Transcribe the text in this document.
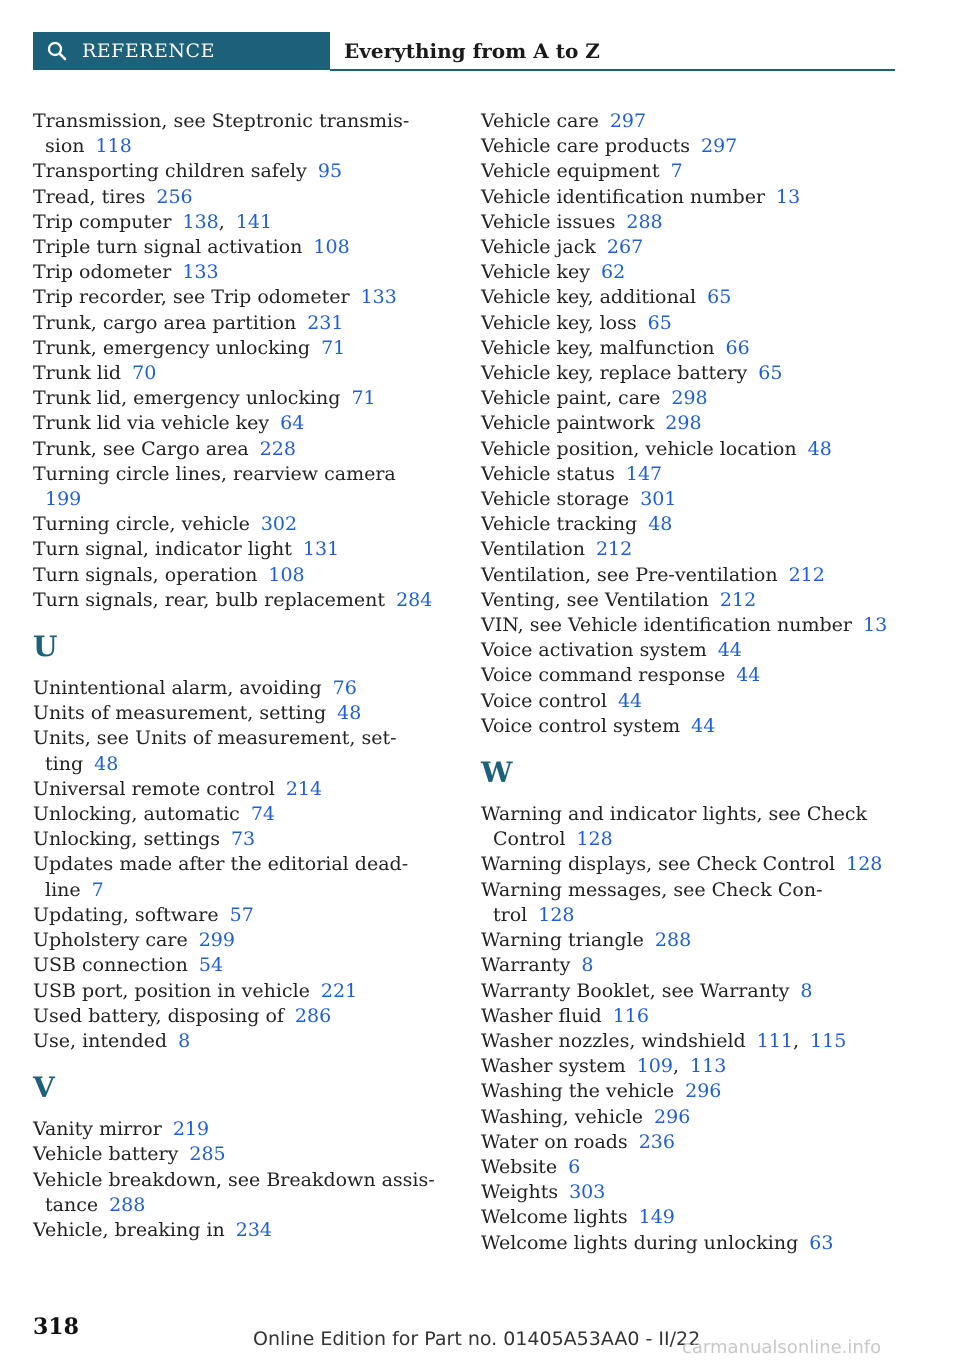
REFERENCE	Everything from A to Z
Transmission, see Steptronic transmis-
sion 118
Transporting children safely 95
Tread, tires 256
Trip computer 138, 141
Triple turn signal activation 108
Trip odometer 133
Trip recorder, see Trip odometer 133
Trunk, cargo area partition 231
Trunk, emergency unlocking 71
Trunk lid 70
Trunk lid, emergency unlocking 71
Trunk lid via vehicle key 64
Trunk, see Cargo area 228
Turning circle lines, rearview camera199
Turning circle, vehicle 302
Turn signal, indicator light 131
Turn signals, operation 108
Turn signals, rear, bulb replacement 284
U
Unintentional alarm, avoiding 76
Units of measurement, setting 48
Units, see Units of measurement, set-
ting 48
Universal remote control 214
Unlocking, automatic 74
Unlocking, settings 73
Updates made after the editorial dead-
line 7
Updating, software 57
Upholstery care 299
USB connection 54
USB port, position in vehicle 221
Used battery, disposing of 286
Use, intended 8
V
Vanity mirror 219
Vehicle battery 285
Vehicle breakdown, see Breakdown assis-
tance 288
Vehicle, breaking in 234
Vehicle care 297
Vehicle care products 297
Vehicle equipment 7
Vehicle identification number 13
Vehicle issues 288
Vehicle jack 267
Vehicle key 62
Vehicle key, additional 65
Vehicle key, loss 65
Vehicle key, malfunction 66
Vehicle key, replace battery 65
Vehicle paint, care 298
Vehicle paintwork 298
Vehicle position, vehicle location 48
Vehicle status 147
Vehicle storage 301
Vehicle tracking 48
Ventilation 212
Ventilation, see Pre-ventilation 212
Venting, see Ventilation 212
VIN, see Vehicle identification number 13
Voice activation system 44
Voice command response 44
Voice control 44
Voice control system 44
W
Warning and indicator lights, see Check
Control 128
Warning displays, see Check Control 128
Warning messages, see Check Con-
trol 128
Warning triangle 288
Warranty 8
Warranty Booklet, see Warranty 8
Washer fluid 116
Washer nozzles, windshield 111, 115
Washer system 109, 113
Washing the vehicle 296
Washing, vehicle 296
Water on roads 236
Website 6
Weights 303
Welcome lights 149
Welcome lights during unlocking 63
318	Online Edition for Part no. 01405A53AA0 - II/22
carmanualsonline.info
